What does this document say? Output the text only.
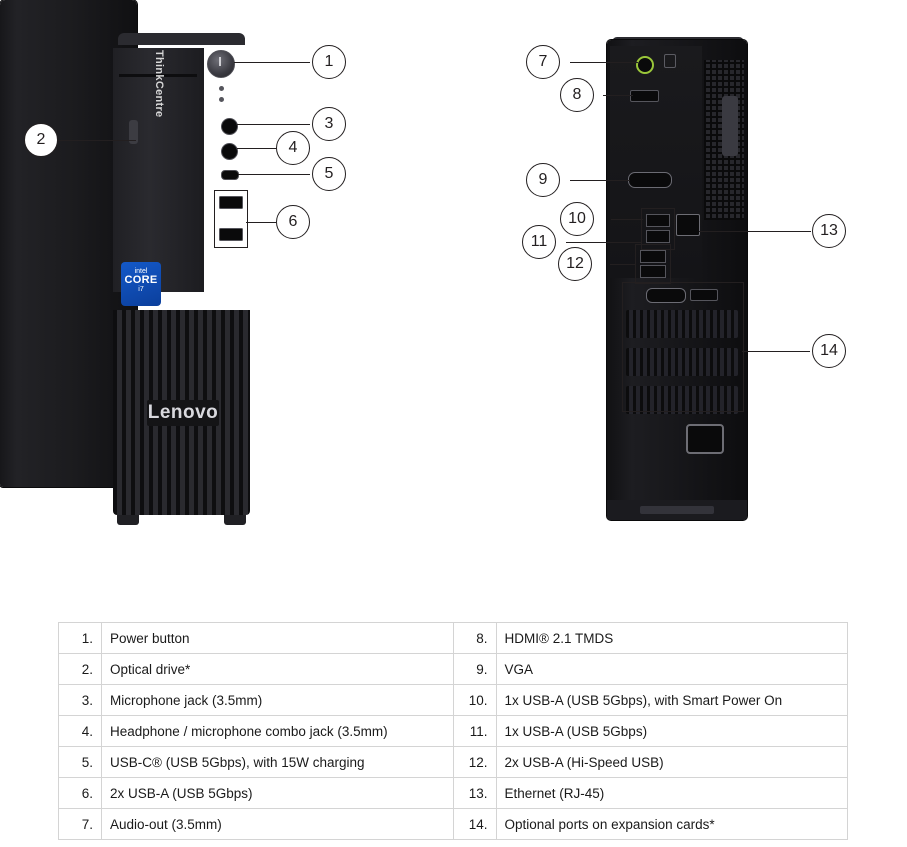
ThinkCentre
intel
CORE
i7
Lenovo
1
2
3
4
5
6
7
8
9
10
11
12
13
14
1.	Power button	8.	HDMI® 2.1 TMDS
2.	Optical drive*	9.	VGA
3.	Microphone jack (3.5mm)	10.	1x USB-A (USB 5Gbps), with Smart Power On
4.	Headphone / microphone combo jack (3.5mm)	11.	1x USB-A (USB 5Gbps)
5.	USB-C® (USB 5Gbps), with 15W charging	12.	2x USB-A (Hi-Speed USB)
6.	2x USB-A (USB 5Gbps)	13.	Ethernet (RJ-45)
7.	Audio-out (3.5mm)	14.	Optional ports on expansion cards*
